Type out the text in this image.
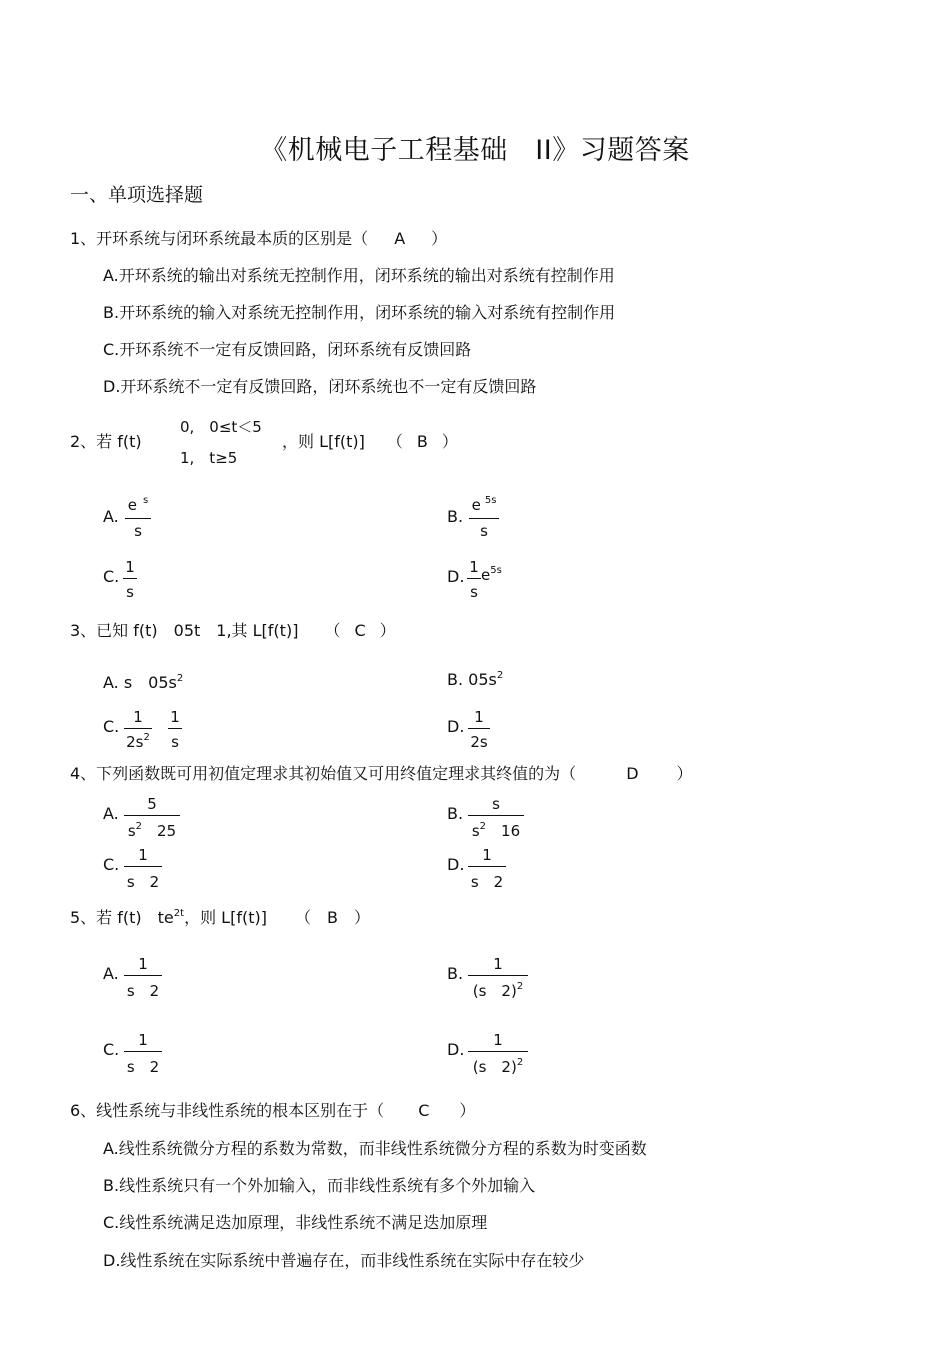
《机械电子工程基础　II》习题答案
一、单项选择题
1、开环系统与闭环系统最本质的区别是（ A ）
A.开环系统的输出对系统无控制作用，闭环系统的输出对系统有控制作用
B.开环系统的输入对系统无控制作用，闭环系统的输入对系统有控制作用
C.开环系统不一定有反馈回路，闭环系统有反馈回路
D.开环系统不一定有反馈回路，闭环系统也不一定有反馈回路
2、若 f(t)
0,　0≤t＜5
1,　t≥5
，则 L[f(t)] （ B ）
A.
e $^s$
s
B.
e $^{5s}$
s
C. 1
s
D. 1
s
$e^{5s}$
3、已知 f(t)　05t　1,其 L[f(t)] （ C ）
A. s　$05s^2$	B. $05s^2$
C. 1
$2s^2$
1
s
D. 1
2s
4、下列函数既可用初值定理求其初始值又可用终值定理求其终值的为（	D ）
A.	5
$s^2$　25
B.	s
$s^2$　16
C.	1
s　2
D.	1
s　2
5、若 f(t)　$te^{2t}$，则 L[f(t)] （ B ）
A.	1
s　2
B.	1
(s　2)$^2$
C.	1
s　2
D.	1
(s　2)$^2$
6、线性系统与非线性系统的根本区别在于（ C ）
A.线性系统微分方程的系数为常数，而非线性系统微分方程的系数为时变函数
B.线性系统只有一个外加输入，而非线性系统有多个外加输入
C.线性系统满足迭加原理，非线性系统不满足迭加原理
D.线性系统在实际系统中普遍存在，而非线性系统在实际中存在较少
